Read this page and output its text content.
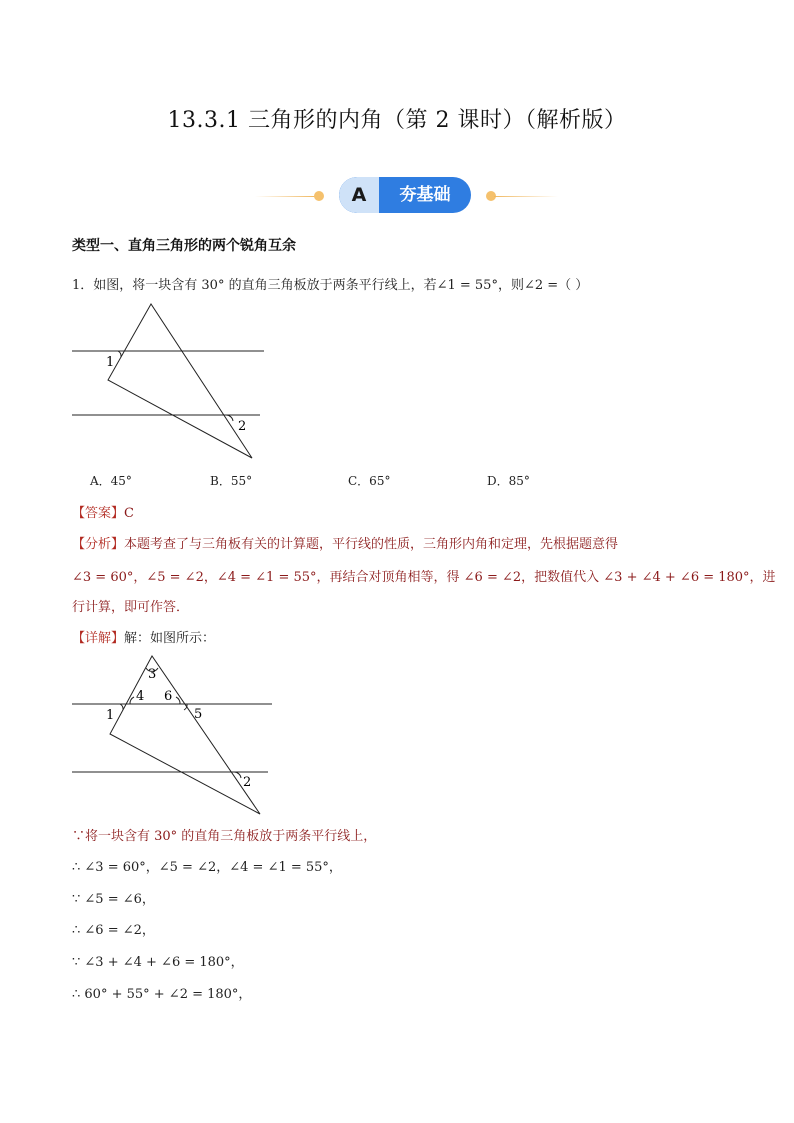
13.3.1 三角形的内角（第 2 课时）（解析版）
A	夯基础
类型一、直角三角形的两个锐角互余
1．如图，将一块含有 30° 的直角三角板放于两条平行线上，若∠1 = 55°，则∠2 =（ ）
1
2
A．45°	B．55°	C．65°	D．85°
【答案】C
【分析】本题考查了与三角板有关的计算题，平行线的性质，三角形内角和定理，先根据题意得
∠3 = 60°，∠5 = ∠2，∠4 = ∠1 = 55°，再结合对顶角相等，得 ∠6 = ∠2，把数值代入 ∠3 + ∠4 + ∠6 = 180°，进
行计算，即可作答．
【详解】解：如图所示：
3
4 6
1	5
2
∵将一块含有 30° 的直角三角板放于两条平行线上，
∴ ∠3 = 60°，∠5 = ∠2，∠4 = ∠1 = 55°，
∵ ∠5 = ∠6，
∴ ∠6 = ∠2，
∵ ∠3 + ∠4 + ∠6 = 180°，
∴ 60° + 55° + ∠2 = 180°，
